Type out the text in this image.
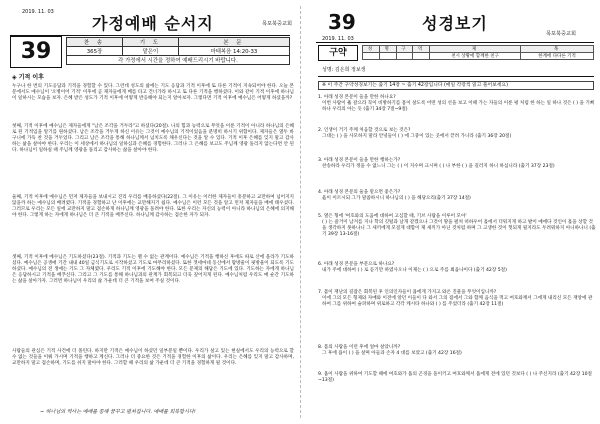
2019. 11. 03
가정예배 순서지	목포북중교회
39	찬 송	기 도	본 문
365장	맡은이	마태복음 14:20-33
각 가정에서 시간을 정하여 예배드리시기 바랍니다.		
◈ 기적 이후
누구나 한 번의 기도응답과 기적을 경험할 수 있다. 그런데 성도의 삶에는 기도 응답과 기적 이후에 또 다른 기적이 지속되어야 한다. 오늘 본문에서도 예수님이 '오병이어 기적' 이후에 곧 제자들에게 배를 타고 건너가라 하시고 또 다른 기적을 행하셨다. 이와 같이 기적 이후에 하나님이 일하시는 모습을 보자. 은혜 받은 성도가 기적 이후에 어떻게 반응해야 되는지 알아보자. 그렇다면 기적 이후에 예수님은 어떻게 하셨을까?
첫째, 기적 이후에 예수님은 제자들에게 "남은 조각을 거두라"고 하셨다(20절). 나의 힘과 능력으로 무엇을 이룬 기적이 아니라 하나님의 은혜로 된 기적임을 알기를 원하셨다. 남은 조각을 거두게 하신 이유는 그것이 예수님의 기적이었음을 분명히 하시기 위함이다. 제자들은 열두 바구니에 가득 찬 것을 거두었다. 그리고 남은 조각을 통해 하나님께서 넘치도록 채우신다는 것을 알 수 있다. 기적 이후 은혜를 잊지 말고 감사하는 삶을 살아야 한다. 우리는 이 세상에서 하나님의 일하심과 은혜를 경험한다. 그러나 그 은혜를 보고도 주님께 영광 돌리지 않는다면 안 된다. 하나님이 일하실 때 주님께 영광을 돌리고 감사하는 삶을 살아야 한다.
둘째, 기적 이후에 예수님은 먼저 제자들을 보내시고 진리 우리를 배웅하셨다(22절). 그 이유는 이러한 제자들이 흥분하고 교만하여 넘어지지 않을까 하는 예수님의 배려였다. 기적을 경험하고 난 이후에는 교만해지기 쉽다. 예수님은 이런 모든 것을 알고 먼저 제자들을 배에 태우셨다. 그러므로 우리는 모든 일에 교만하지 말고 겸손하게 하나님께 영광을 돌려야 한다. 또한 우리는 자신의 능력이 아니라 하나님의 은혜에 의지해야 한다. 그렇게 하는 자에게 하나님은 더 큰 기적을 베푸신다. 하나님께 감사하는 겸손한 자가 되자.
셋째, 기적 이후에 예수님은 기도하셨다(23절). 기적과 기도는 뗄 수 없는 관계이다. 예수님은 기적을 행하신 후에도 따로 산에 올라가 기도하셨다. 예수님은 공생애 기간 내내 40일 금식기도로 시작하셨고 기도로 마무리하셨다. 또한 겟세마네 동산에서 땀방울이 핏방울이 되도록 기도하셨다. 예수님의 전 생애는 기도 그 자체였다. 우리도 기적 이후에 기도해야 한다. 모든 문제의 해답은 기도에 있다. 기도하는 자에게 하나님은 응답하시고 기적을 베푸신다. 그리고 그 기도를 통해 하나님과의 관계가 회복되고 더욱 깊어지게 된다. 예수님처럼 우리도 매 순간 기도하는 삶을 살아가자. 그러면 하나님이 우리의 삶 가운데 더 큰 기적을 보여 주실 것이다.
사람들의 관심은 기적 사건에 더 몰린다. 하지만 기적은 예수님이 하셨던 일부분일 뿐이다. 우리가 살고 있는 현실에서도 우리의 능력으로 할 수 없는 것들을 이뤄 가시며 기적을 행하고 계신다. 그러나 더 중요한 것은 기적을 경험한 이후의 삶이다. 우리는 은혜를 잊지 말고 감사하며, 교만하지 말고 겸손하며, 기도를 쉬지 말아야 한다. 그러할 때 우리의 삶 가운데 더 큰 기적을 경험하게 될 것이다.
~ 하나님의 역사는 예배를 통해 꿈꾸고 펼쳐집니다. 예배를 회복합시다!
39	성경보기
목포북중교회
2019. 11. 03
구약	성	명	구	역	제	목
				천시 상황에 함께한 친구	한계에 다다른 기적
성명: 김은희 정보생
※ 이 주간 구약성경보기는 출기 14장 ~ 출기 42장입니다 (매일 각장씩 읽고 풀어보세요)
1. 아래 성경 본문이 들을 만한 하나요?
이번 사람이 훌 갈으라 꼭이 비방하기를 흠이 살도록 어떤 성의 선을 보고 이때 가는 자들의 이룬 평 처럼 한 하는 일 하나 것은 ( ) 을 기뻐하나 우리의 아는 듯 (출기 34장 7절~9절)
2. 인생이 거기 주께 처음할 것으로 보는 것은?
그대는 ( ) 을 사모하지 말라 안녕들이 ( ) 에 그중이 있는 곳에서 끝려 가니라 (출기 36장 20절)
3. 아래 성경 본문이 들을 만한 행하는가?
찬송하라 우리가 정을 수 없느니 그는 ( ) 이 지수며 크시며 ( ) 나 부한 ( ) 을 길러지 하니 하십니라 (출기 37장 23절)
4. 아래 성경 본문의 둘을 맡으면 좋은가?
옳이 이르시되 그가 말씀하시니 하나님의 ( ) 을 해당으리(출기 37장 14절)
5. 열은 형에 '여호와의 도움에 대하여 고심할 때, 기브 사람을 이루어 모아'
( ) 는 즐거이 남겨를 지나 학의 깃털과 날개 같겠으나 그것이 땅을 펼쳐 떠하우어 흘에서 더워지게 하고 발이 예에다 것인이 흘을 상할 것을 생각하지 못하나니 그 새끼에게 모질게 대함이 제 새끼가 아닌 것처럼 하며 그 고생한 것이 헛되게 될지라도 두려워하지 아니하나니 (출기 39장 13-16절)
6. 아래 성경 본문을 부문으로 하나요?
내가 주에 대하여 ( ) 로 듣기만 하였사오나 이제는 ( ) 으로 주를 뵈옵나이다 (출기 42장 5절)
7. 몸이 재난의 길잡은 회복된 후 인의인자들이 욥에게 가지고 와온 진물을 무엇이입니까?
이에 그의 모든 형제와 자매와 이전에 알던 이들이 다 와서 그의 집에서 그와 함께 음식을 먹고 여호와께서 그에게 내리신 모든 재앙에 관하여 그를 위하여 슬퍼하며 위로하고 각각 케시타 하나와 ( ) 를 주었더라 (출기 42장 11절)
8. 몸의 사람을 이런 후에 얼마 살았니까?
그 후에 욥이 ( ) 을 살며 아들과 손자 4 대를 보았고 (출기 42장 16절)
9. 욥이 사람을 위하여 기도할 때에 여호와가 욥의 곤경을 돌이키고 여호와께서 욥에게 전에 있던 것보다 ( ) 나 주신지라 (출기 42장 10절~13절)
